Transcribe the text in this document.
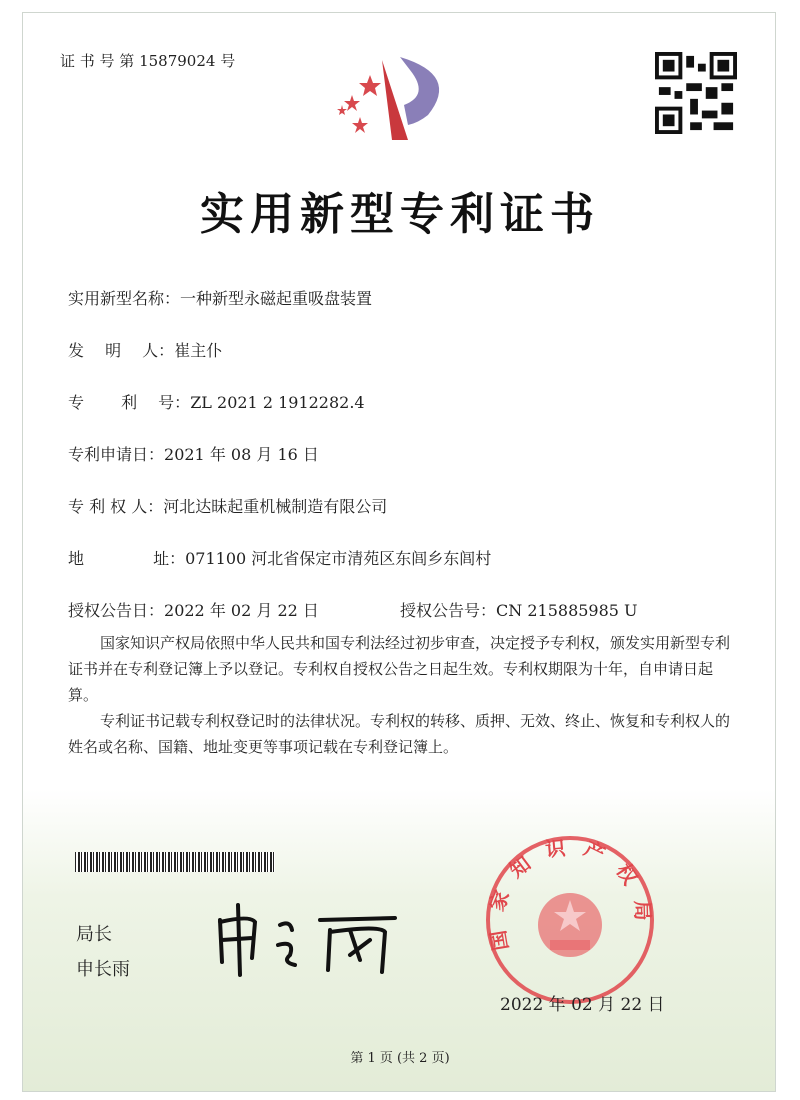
证 书 号 第 15879024 号
实用新型专利证书
实用新型名称：一种新型永磁起重吸盘装置
发　 明　 人：崔主仆
专　　 利　 号：ZL 2021 2 1912282.4
专利申请日：2021 年 08 月 16 日
专 利 权 人：河北达昧起重机械制造有限公司
地　　　　 址：071100 河北省保定市清苑区东闾乡东闾村
授权公告日：2022 年 02 月 22 日	授权公告号：CN 215885985 U
国家知识产权局依照中华人民共和国专利法经过初步审查，决定授予专利权，颁发实用新型专利证书并在专利登记簿上予以登记。专利权自授权公告之日起生效。专利权期限为十年，自申请日起算。
专利证书记载专利权登记时的法律状况。专利权的转移、质押、无效、终止、恢复和专利权人的姓名或名称、国籍、地址变更等事项记载在专利登记簿上。
局长
申长雨
国家知识产权局
2022 年 02 月 22 日
第 1 页 (共 2 页)
